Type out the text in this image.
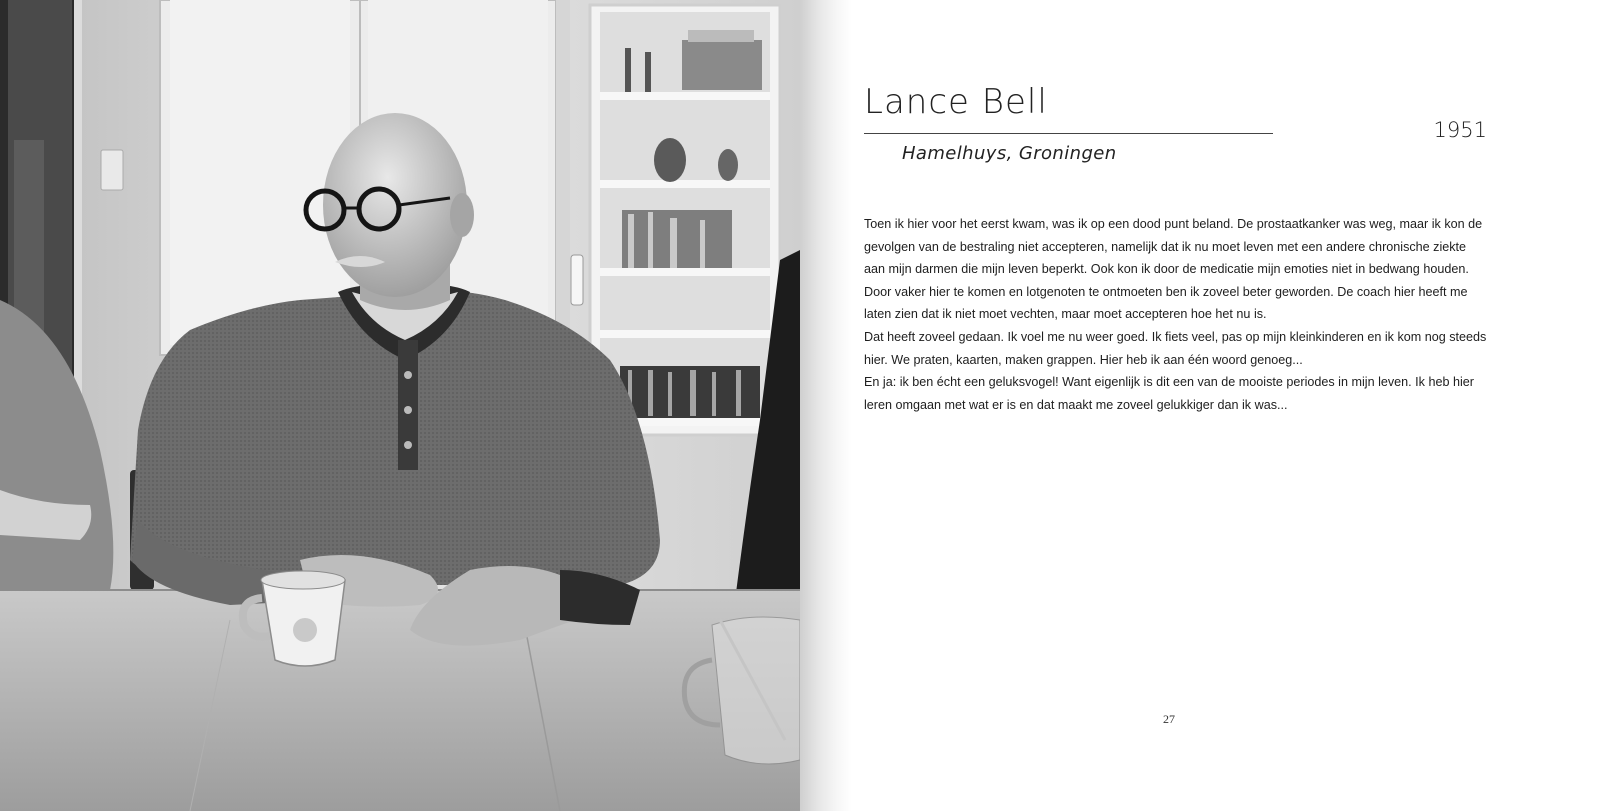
Lance Bell
Hamelhuys, Groningen
1951

Toen ik hier voor het eerst kwam, was ik op een dood punt beland. De prostaatkanker was weg, maar ik kon de gevolgen van de bestraling niet accepteren, namelijk dat ik nu moet leven met een andere chronische ziekte aan mijn darmen die mijn leven beperkt. Ook kon ik door de medicatie mijn emoties niet in bedwang houden.

Door vaker hier te komen en lotgenoten te ontmoeten ben ik zoveel beter geworden. De coach hier heeft me laten zien dat ik niet moet vechten, maar moet accepteren hoe het nu is.

Dat heeft zoveel gedaan. Ik voel me nu weer goed. Ik fiets veel, pas op mijn kleinkinderen en ik kom nog steeds hier. We praten, kaarten, maken grappen. Hier heb ik aan één woord genoeg...

En ja: ik ben écht een geluksvogel! Want eigenlijk is dit een van de mooiste periodes in mijn leven. Ik heb hier leren omgaan met wat er is en dat maakt me zoveel gelukkiger dan ik was...

27
